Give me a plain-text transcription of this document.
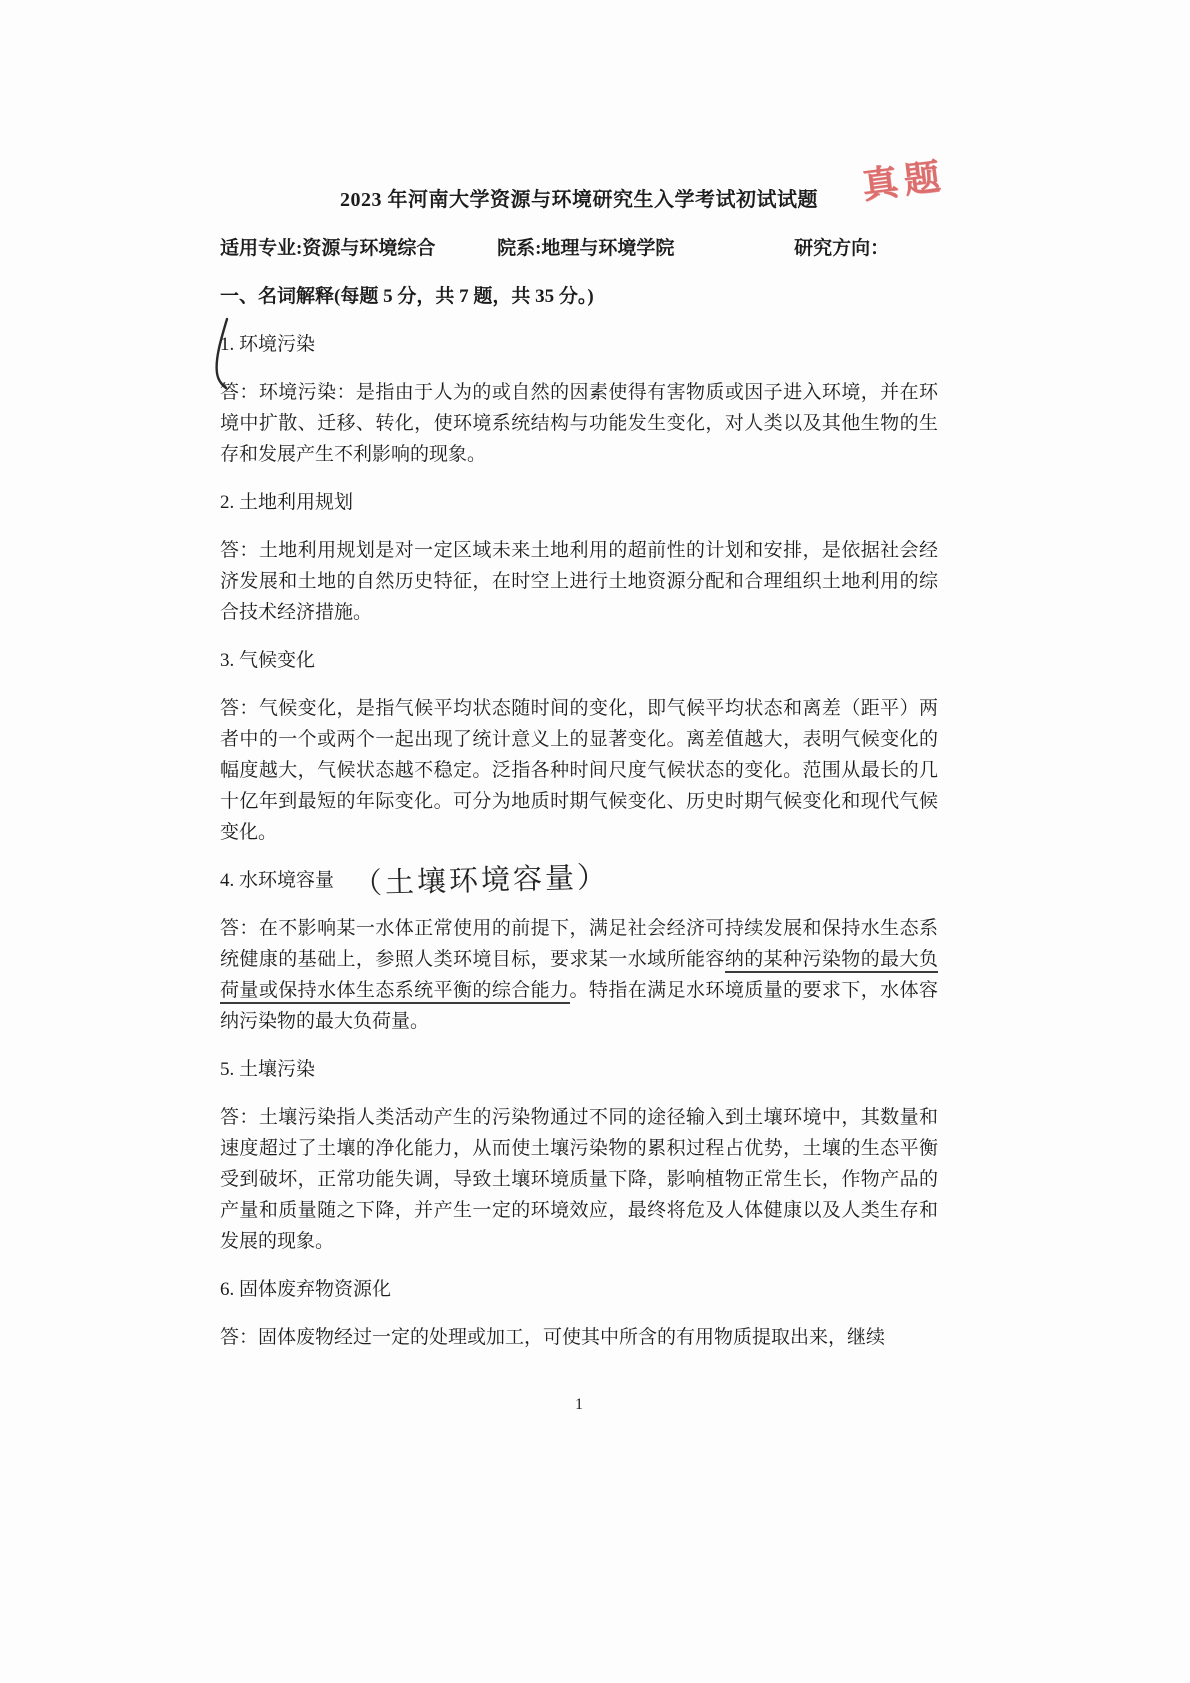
2023 年河南大学资源与环境研究生入学考试初试试题 真题
适用专业:资源与环境综合	院系:地理与环境学院	研究方向：
一、名词解释(每题 5 分，共 7 题，共 35 分。)
1. 环境污染

答：环境污染：是指由于人为的或自然的因素使得有害物质或因子进入环境，并在环境中扩散、迁移、转化，使环境系统结构与功能发生变化，对人类以及其他生物的生存和发展产生不利影响的现象。

2. 土地利用规划

答：土地利用规划是对一定区域未来土地利用的超前性的计划和安排，是依据社会经济发展和土地的自然历史特征，在时空上进行土地资源分配和合理组织土地利用的综合技术经济措施。

3. 气候变化

答：气候变化，是指气候平均状态随时间的变化，即气候平均状态和离差（距平）两者中的一个或两个一起出现了统计意义上的显著变化。离差值越大，表明气候变化的幅度越大，气候状态越不稳定。泛指各种时间尺度气候状态的变化。范围从最长的几十亿年到最短的年际变化。可分为地质时期气候变化、历史时期气候变化和现代气候变化。

4. 水环境容量 （土壤环境容量）

答：在不影响某一水体正常使用的前提下，满足社会经济可持续发展和保持水生态系统健康的基础上，参照人类环境目标，要求某一水域所能容纳的某种污染物的最大负荷量或保持水体生态系统平衡的综合能力。特指在满足水环境质量的要求下，水体容纳污染物的最大负荷量。

5. 土壤污染

答：土壤污染指人类活动产生的污染物通过不同的途径输入到土壤环境中，其数量和速度超过了土壤的净化能力，从而使土壤污染物的累积过程占优势，土壤的生态平衡受到破坏，正常功能失调，导致土壤环境质量下降，影响植物正常生长，作物产品的产量和质量随之下降，并产生一定的环境效应，最终将危及人体健康以及人类生存和发展的现象。

6. 固体废弃物资源化

答：固体废物经过一定的处理或加工，可使其中所含的有用物质提取出来，继续

1
